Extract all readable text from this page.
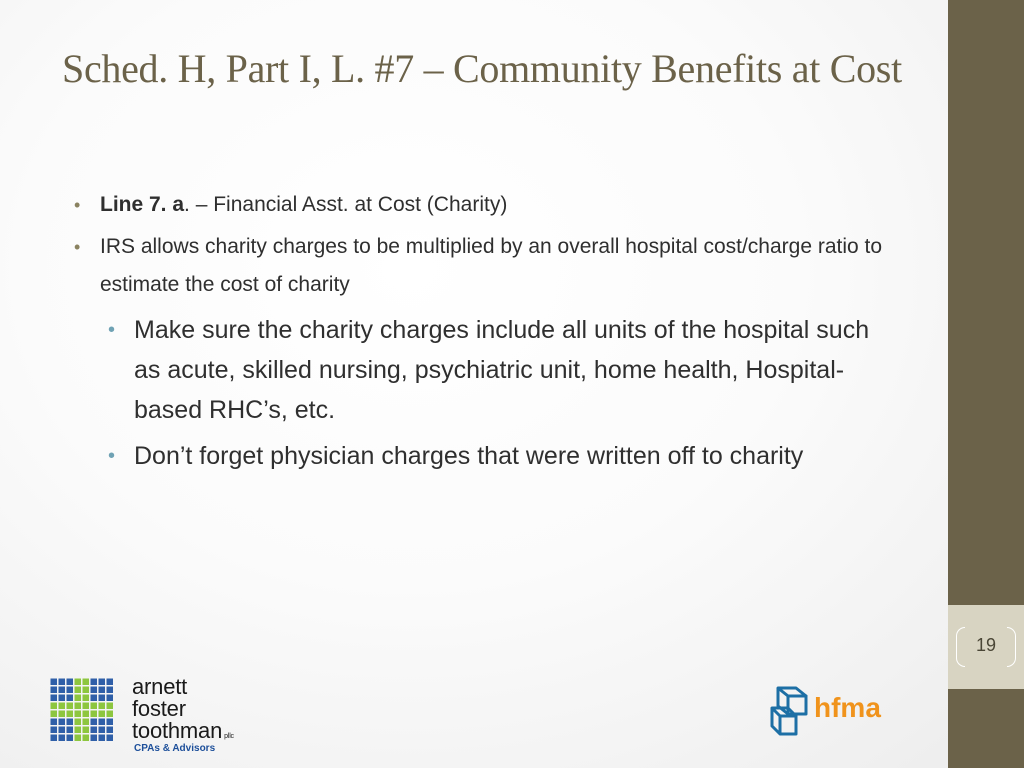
Sched. H, Part I, L. #7 – Community Benefits at Cost
• Line 7. a. – Financial Asst. at Cost (Charity)
• IRS allows charity charges to be multiplied by an overall hospital cost/charge ratio to estimate the cost of charity
• Make sure the charity charges include all units of the hospital such as acute, skilled nursing, psychiatric unit, home health, Hospital-based RHC’s, etc.
• Don’t forget physician charges that were written off to charity
arnett
foster
toothman pllc
CPAs & Advisors
hfma
19
